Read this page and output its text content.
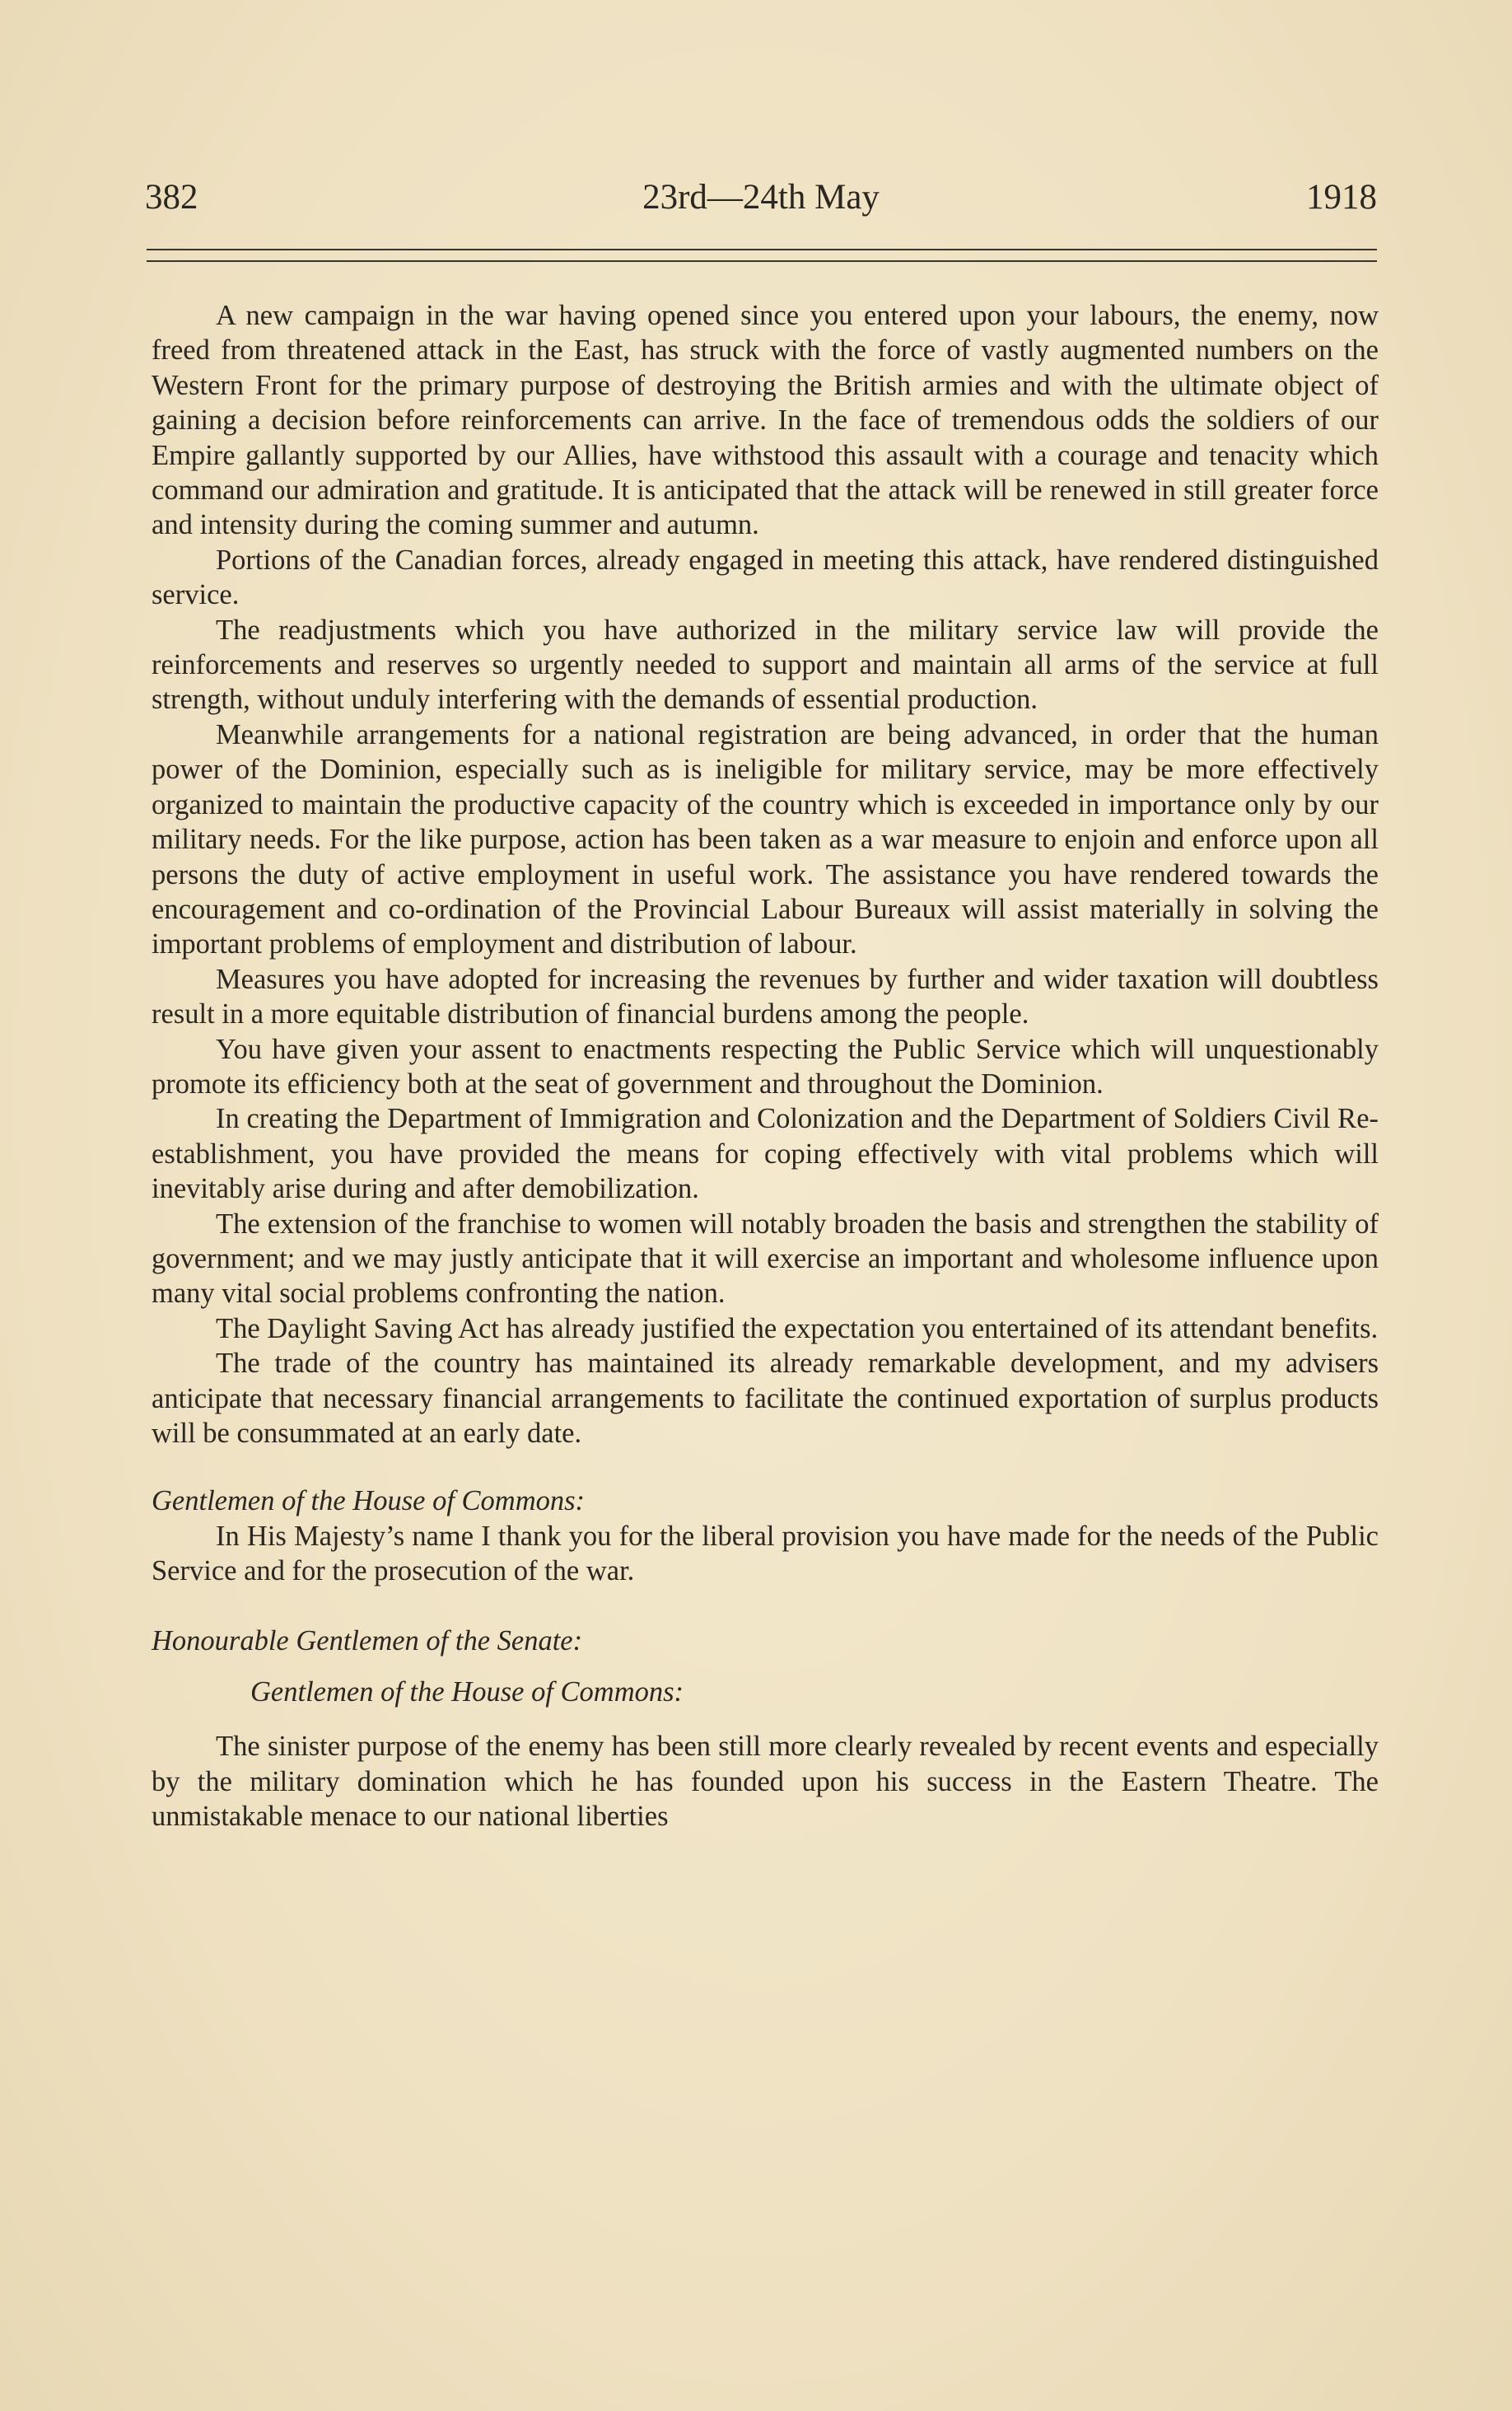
382	23rd—24th May	1918

A new campaign in the war having opened since you entered upon your labours, the enemy, now freed from threatened attack in the East, has struck with the force of vastly augmented numbers on the Western Front for the primary purpose of destroying the British armies and with the ultimate object of gaining a decision before reinforcements can arrive. In the face of tremendous odds the soldiers of our Empire gallantly supported by our Allies, have withstood this assault with a courage and tenacity which command our admiration and gratitude. It is anticipated that the attack will be renewed in still greater force and intensity during the coming summer and autumn.

Portions of the Canadian forces, already engaged in meeting this attack, have rendered distinguished service.

The readjustments which you have authorized in the military service law will provide the reinforcements and reserves so urgently needed to support and maintain all arms of the service at full strength, without unduly interfering with the demands of essential production.

Meanwhile arrangements for a national registration are being advanced, in order that the human power of the Dominion, especially such as is ineligible for military service, may be more effectively organized to maintain the productive capacity of the country which is exceeded in importance only by our military needs. For the like purpose, action has been taken as a war measure to enjoin and enforce upon all persons the duty of active employment in useful work. The assistance you have rendered towards the encouragement and co-ordination of the Provincial Labour Bureaux will assist materially in solving the important problems of employment and distribution of labour.

Measures you have adopted for increasing the revenues by further and wider taxation will doubtless result in a more equitable distribution of financial burdens among the people.

You have given your assent to enactments respecting the Public Service which will unquestionably promote its efficiency both at the seat of government and throughout the Dominion.

In creating the Department of Immigration and Colonization and the Department of Soldiers Civil Re-establishment, you have provided the means for coping effectively with vital problems which will inevitably arise during and after demobilization.

The extension of the franchise to women will notably broaden the basis and strengthen the stability of government; and we may justly anticipate that it will exercise an important and wholesome influence upon many vital social problems confronting the nation.

The Daylight Saving Act has already justified the expectation you entertained of its attendant benefits.

The trade of the country has maintained its already remarkable development, and my advisers anticipate that necessary financial arrangements to facilitate the continued exportation of surplus products will be consummated at an early date.

Gentlemen of the House of Commons:

In His Majesty’s name I thank you for the liberal provision you have made for the needs of the Public Service and for the prosecution of the war.

Honourable Gentlemen of the Senate:

Gentlemen of the House of Commons:

The sinister purpose of the enemy has been still more clearly revealed by recent events and especially by the military domination which he has founded upon his success in the Eastern Theatre. The unmistakable menace to our national liberties
